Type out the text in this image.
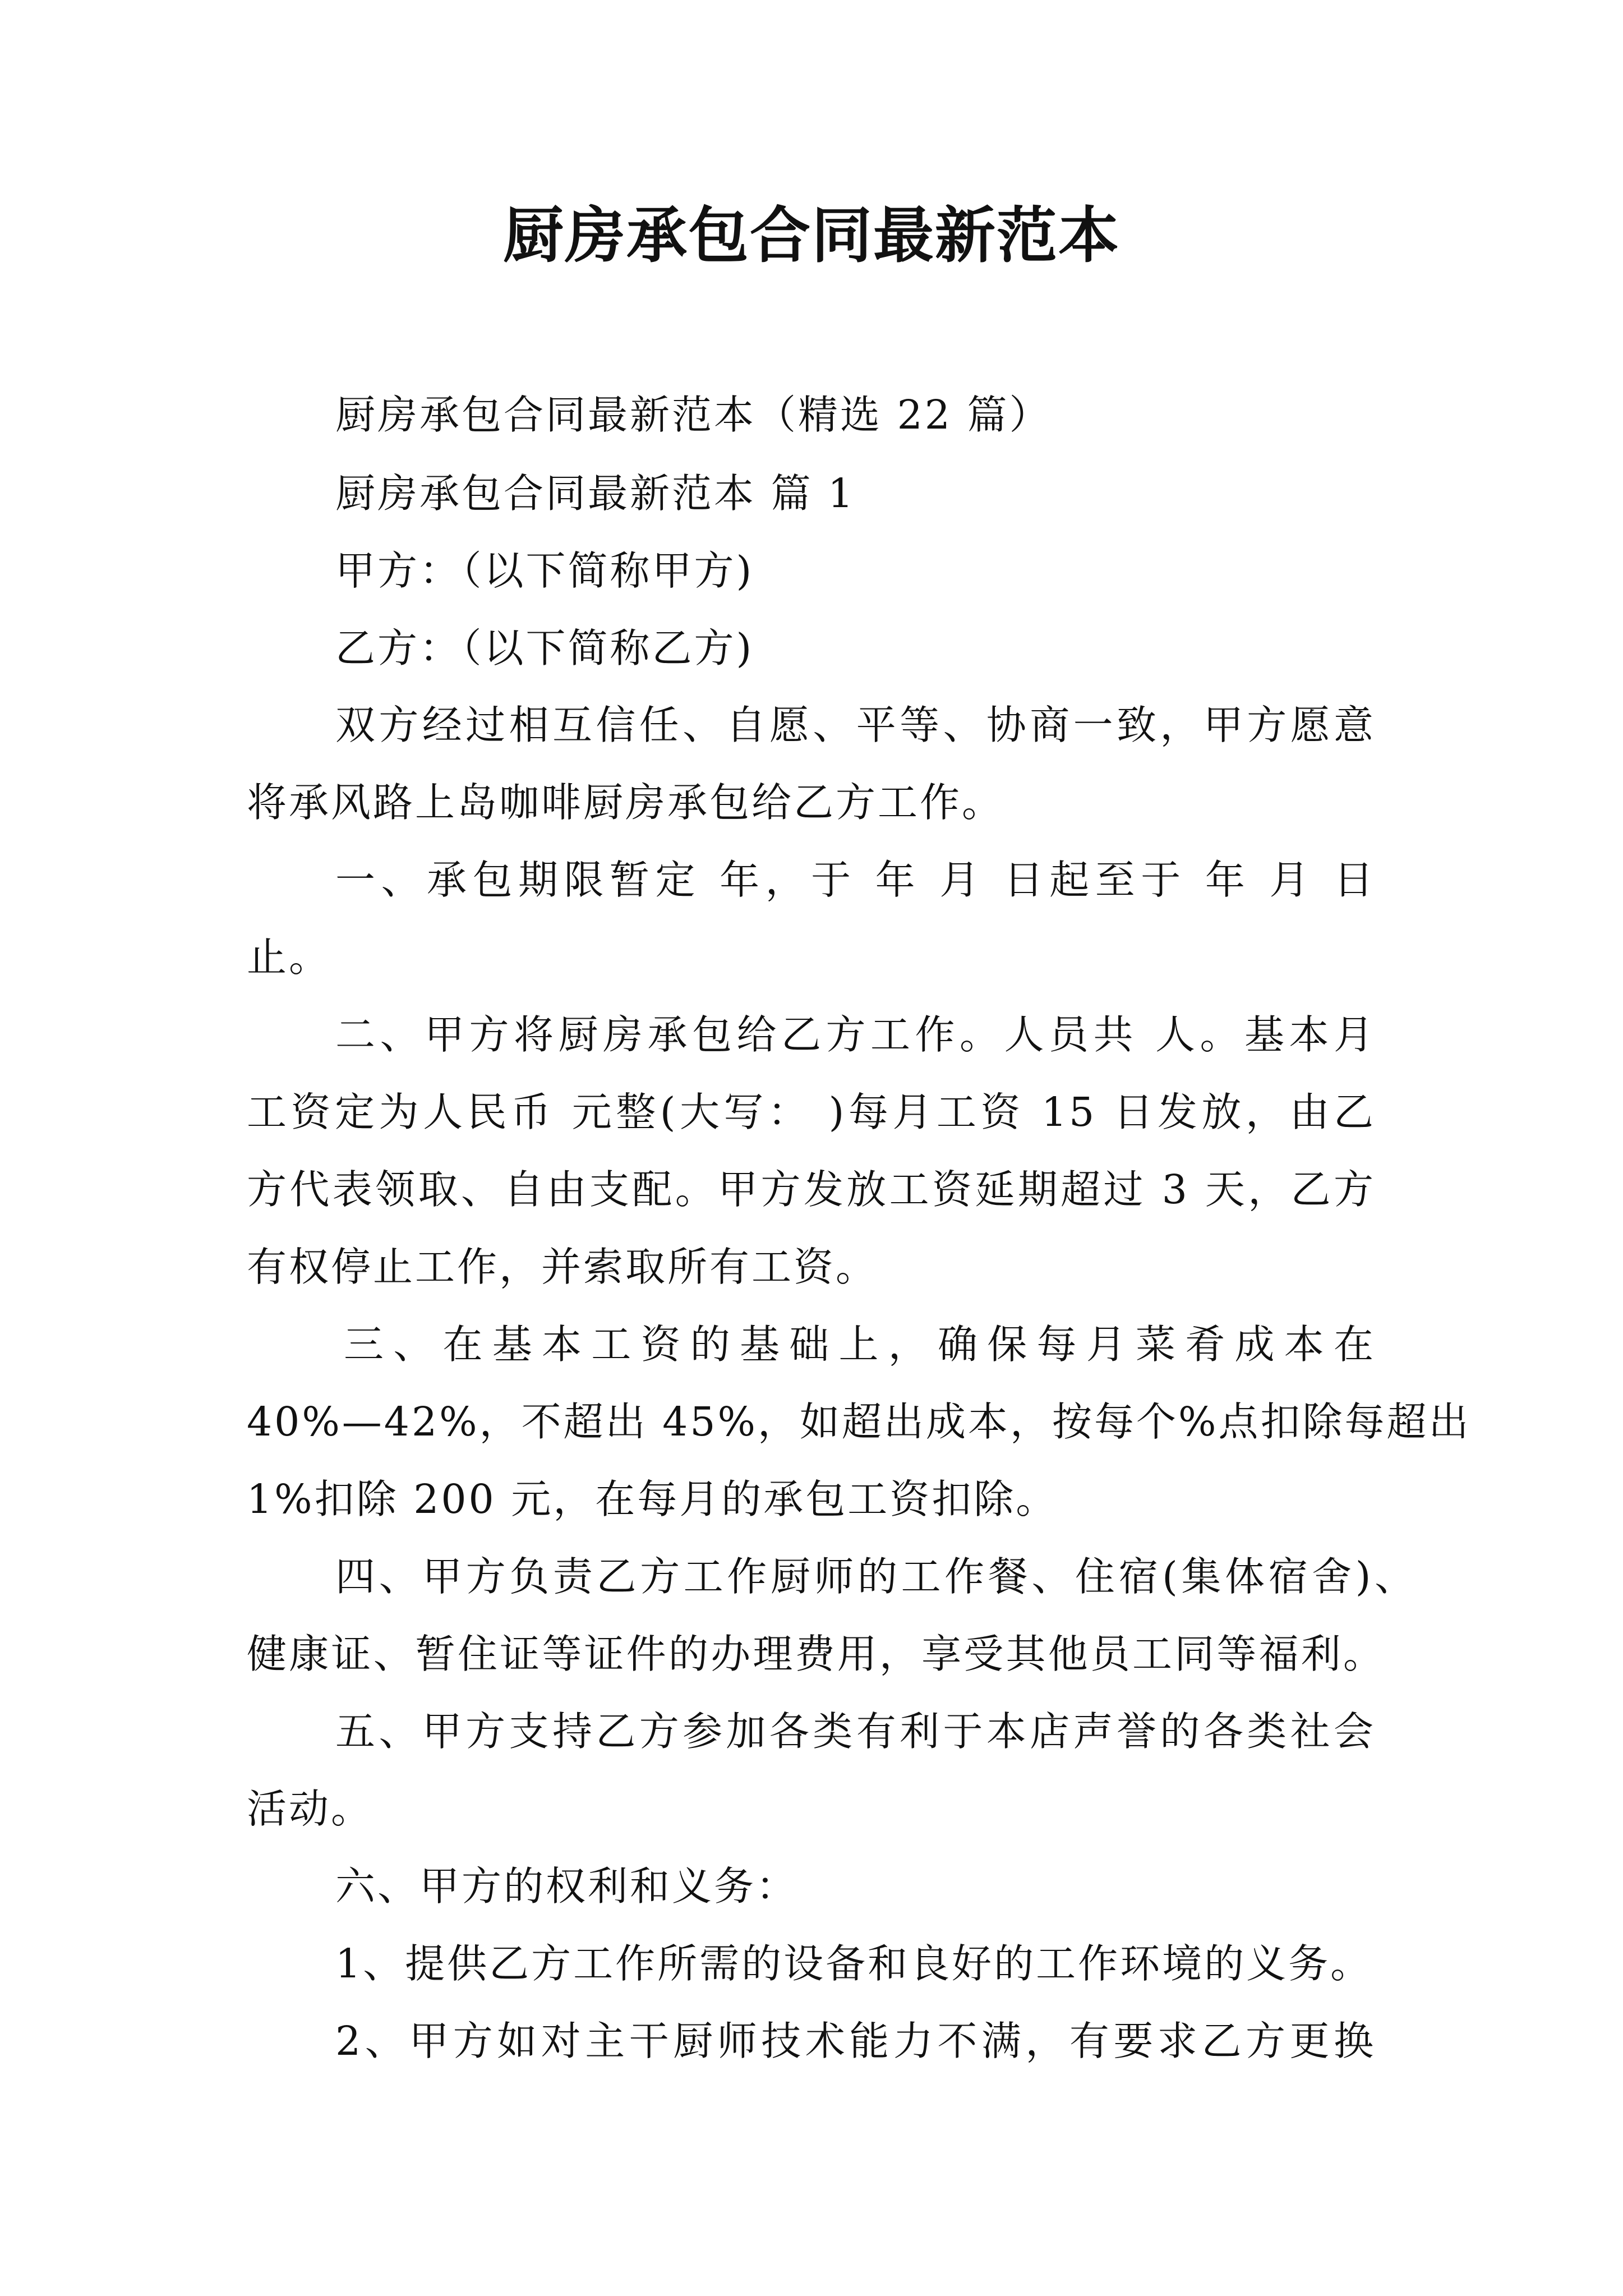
厨房承包合同最新范本
厨房承包合同最新范本（精选 22 篇）
厨房承包合同最新范本 篇 1
甲方：（以下简称甲方)
乙方：（以下简称乙方)
双方经过相互信任、自愿、平等、协商一致，甲方愿意
将承风路上岛咖啡厨房承包给乙方工作。
一、承包期限暂定 年，于 年 月 日起至于 年 月 日
止。
二、甲方将厨房承包给乙方工作。人员共 人。基本月
工资定为人民币 元整(大写： )每月工资 15 日发放，由乙
方代表领取、自由支配。甲方发放工资延期超过 3 天，乙方
有权停止工作，并索取所有工资。
三、在基本工资的基础上，确保每月菜肴成本在
40%—42%，不超出 45%，如超出成本，按每个%点扣除每超出
1%扣除 200 元，在每月的承包工资扣除。
四、甲方负责乙方工作厨师的工作餐、住宿(集体宿舍)、
健康证、暂住证等证件的办理费用，享受其他员工同等福利。
五、甲方支持乙方参加各类有利于本店声誉的各类社会
活动。
六、甲方的权利和义务：
1、提供乙方工作所需的设备和良好的工作环境的义务。
2、甲方如对主干厨师技术能力不满，有要求乙方更换
